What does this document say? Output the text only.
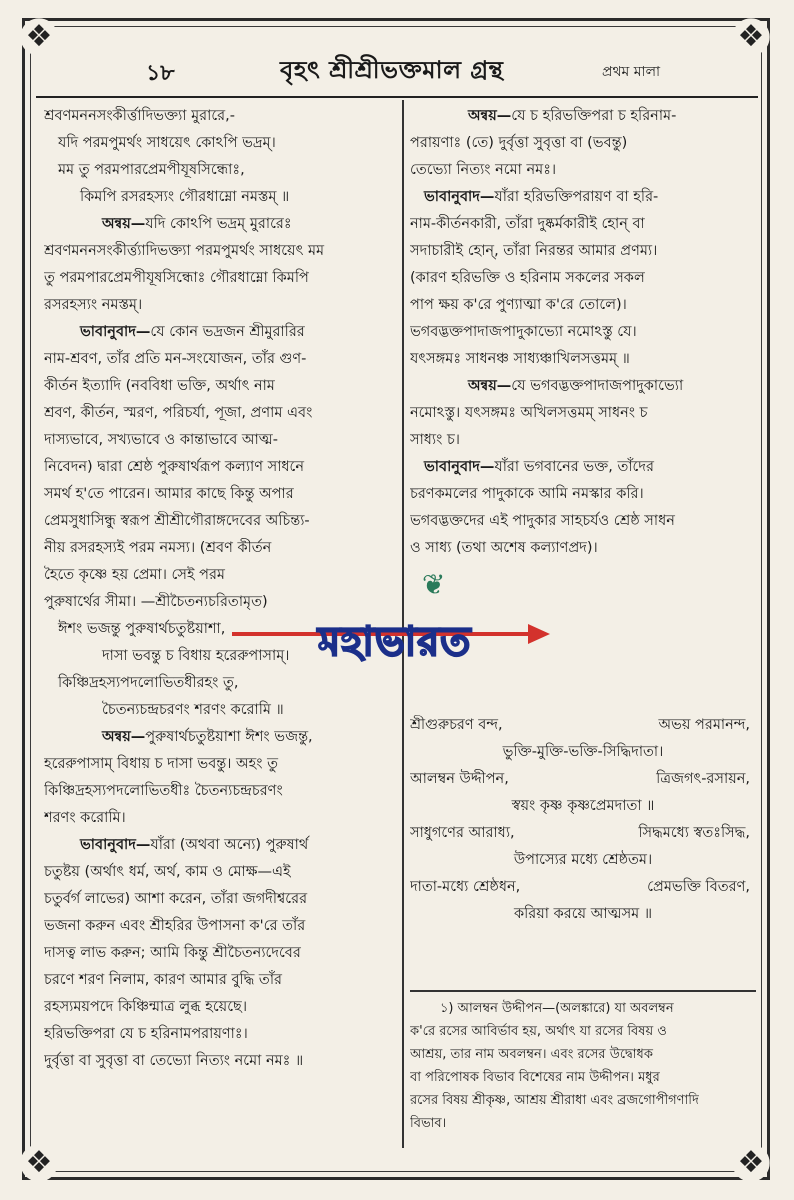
❖	❖
❖	❖
১৮	বৃহৎ শ্রীশ্রীভক্তমাল গ্রন্থ	প্রথম মালা
শ্রবণমননসংকীর্ত্তাদিভক্ত্যা মুরারে,-
যদি পরমপুমর্থং সাধয়েৎ কোঽপি ভদ্রম্।
মম তু পরমপারপ্রেমপীযূষসিন্ধোঃ,
কিমপি রসরহস্যং গৌরধাম্নো নমস্তম্ ॥
অন্বয়—যদি কোঽপি ভদ্রম্ মুরারেঃ
শ্রবণমননসংকীর্ত্ত্যাদিভক্ত্যা পরমপুমর্থং সাধয়েৎ মম
তু পরমপারপ্রেমপীযূষসিন্ধোঃ গৌরধাম্নো কিমপি
রসরহস্যং নমস্তম্।
ভাবানুবাদ—যে কোন ভদ্রজন শ্রীমুরারির
নাম-শ্রবণ, তাঁর প্রতি মন-সংযোজন, তাঁর গুণ-
কীর্তন ইত্যাদি (নববিধা ভক্তি, অর্থাৎ নাম
শ্রবণ, কীর্তন, স্মরণ, পরিচর্যা, পূজা, প্রণাম এবং
দাস্যভাবে, সখ্যভাবে ও কান্তাভাবে আত্ম-
নিবেদন) দ্বারা শ্রেষ্ঠ পুরুষার্থরূপ কল্যাণ সাধনে
সমর্থ হ'তে পারেন। আমার কাছে কিন্তু অপার
প্রেমসুধাসিন্ধু স্বরূপ শ্রীশ্রীগৌরাঙ্গদেবের অচিন্ত্য-
নীয় রসরহস্যই পরম নমস্য। (শ্রবণ কীর্তন
হৈতে কৃষ্ণে হয় প্রেমা। সেই পরম
পুরুষার্থের সীমা। —শ্রীচৈতন্যচরিতামৃত)
ঈশং ভজন্তু পুরুষার্থচতুষ্টয়াশা,
দাসা ভবন্তু চ বিধায় হরেরুপাসাম্।
কিঞ্চিদ্রহস্যপদলোভিতধীরহং তু,
চৈতন্যচন্দ্রচরণং শরণং করোমি ॥
অন্বয়—পুরুষার্থচতুষ্টয়াশা ঈশং ভজন্তু,
হরেরুপাসাম্ বিধায় চ দাসা ভবন্তু। অহং তু
কিঞ্চিদ্রহস্যপদলোভিতধীঃ চৈতন্যচন্দ্রচরণং
শরণং করোমি।
ভাবানুবাদ—যাঁরা (অথবা অন্যে) পুরুষার্থ
চতুষ্টয় (অর্থাৎ ধর্ম, অর্থ, কাম ও মোক্ষ—এই
চতুর্বর্গ লাভের) আশা করেন, তাঁরা জগদীশ্বরের
ভজনা করুন এবং শ্রীহরির উপাসনা ক'রে তাঁর
দাসত্ব লাভ করুন; আমি কিন্তু শ্রীচৈতন্যদেবের
চরণে শরণ নিলাম, কারণ আমার বুদ্ধি তাঁর
রহস্যময়পদে কিঞ্চিন্মাত্র লুব্ধ হয়েছে।
হরিভক্তিপরা যে চ হরিনামপরায়ণাঃ।
দুর্বৃত্তা বা সুবৃত্তা বা তেভ্যো নিত্যং নমো নমঃ ॥
অন্বয়—যে চ হরিভক্তিপরা চ হরিনাম-
পরায়ণাঃ (তে) দুর্বৃত্তা সুবৃত্তা বা (ভবন্তু)
তেভ্যো নিত্যং নমো নমঃ।
ভাবানুবাদ—যাঁরা হরিভক্তিপরায়ণ বা হরি-
নাম-কীর্তনকারী, তাঁরা দুষ্কর্মকারীই হোন্ বা
সদাচারীই হোন্, তাঁরা নিরন্তর আমার প্রণম্য।
(কারণ হরিভক্তি ও হরিনাম সকলের সকল
পাপ ক্ষয় ক'রে পুণ্যাত্মা ক'রে তোলে)।
ভগবদ্ভক্তপাদাজপাদুকাভ্যো নমোঽস্তু যে।
যৎসঙ্গমঃ সাধনঞ্চ সাধ্যঞ্চাখিলসত্তমম্ ॥
অন্বয়—যে ভগবদ্ভক্তপাদাজপাদুকাভ্যো
নমোঽস্তু। যৎসঙ্গমঃ অখিলসত্তমম্ সাধনং চ
সাধ্যং চ।
ভাবানুবাদ—যাঁরা ভগবানের ভক্ত, তাঁদের
চরণকমলের পাদুকাকে আমি নমস্কার করি।
ভগবদ্ভক্তদের এই পাদুকার সাহচর্যও শ্রেষ্ঠ সাধন
ও সাধ্য (তথা অশেষ কল্যাণপ্রদ)।
শ্রীগুরুচরণ বন্দ,	অভয় পরমানন্দ,
ভুক্তি-মুক্তি-ভক্তি-সিদ্ধিদাতা।
আলম্বন উদ্দীপন,	ত্রিজগৎ-রসায়ন,
স্বয়ং কৃষ্ণ কৃষ্ণপ্রেমদাতা ॥
সাধুগণের আরাধ্য,	সিদ্ধমধ্যে স্বতঃসিদ্ধ,
উপাস্যের মধ্যে শ্রেষ্ঠতম।
দাতা-মধ্যে শ্রেষ্ঠধন,	প্রেমভক্তি বিতরণ,
করিয়া করয়ে আত্মসম ॥
১) আলম্বন উদ্দীপন—(অলঙ্কারে) যা অবলম্বন
ক'রে রসের আবির্ভাব হয়, অর্থাৎ যা রসের বিষয় ও
আশ্রয়, তার নাম অবলম্বন। এবং রসের উদ্বোধক
বা পরিপোষক বিভাব বিশেষের নাম উদ্দীপন। মধুর
রসের বিষয় শ্রীকৃষ্ণ, আশ্রয় শ্রীরাধা এবং ব্রজগোপীগণাদি
বিভাব।
❦
মহাভারত
